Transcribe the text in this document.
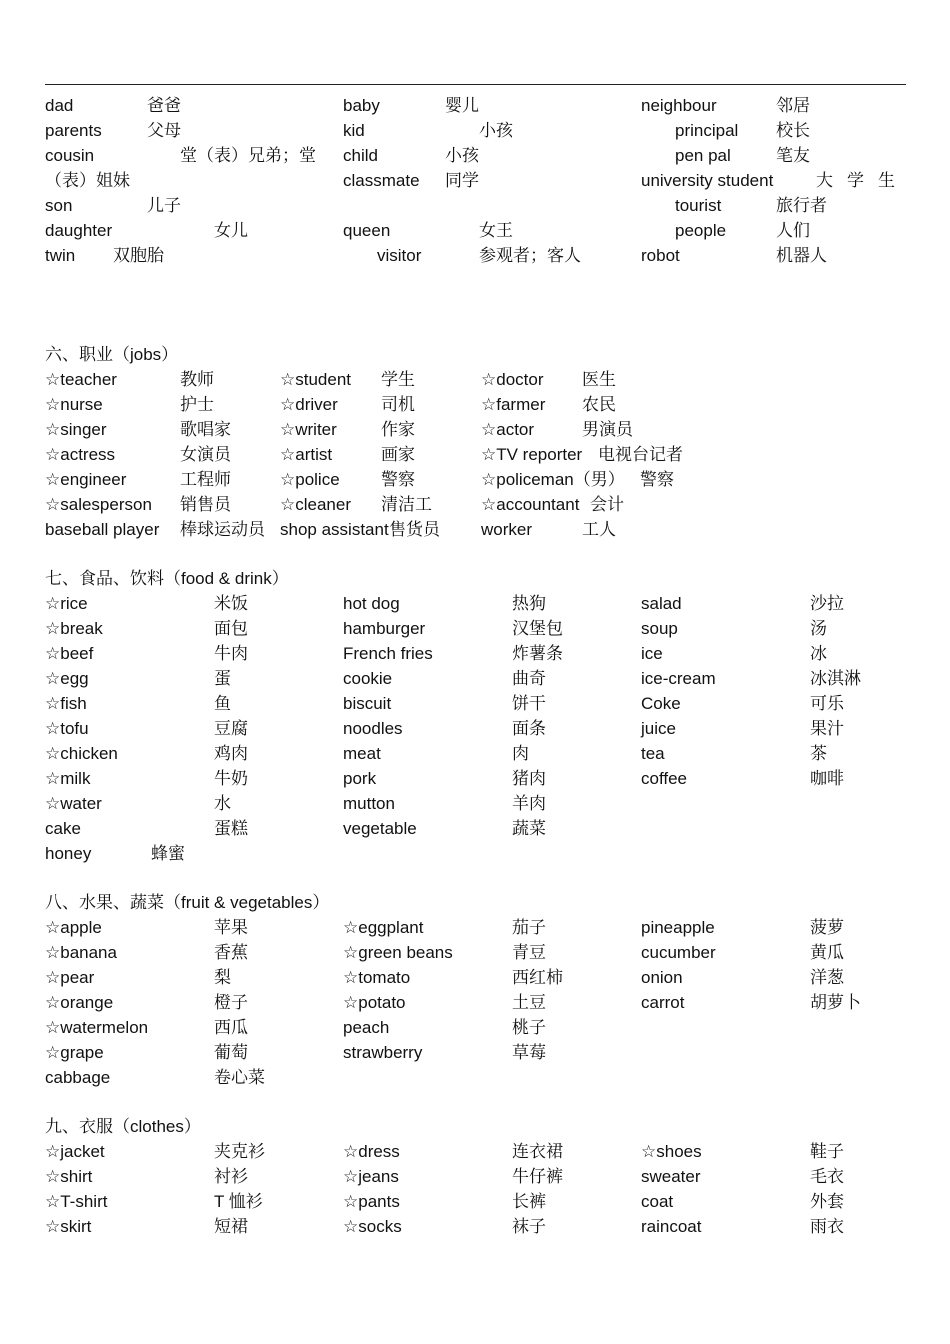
dad	爸爸
parents	父母
cousin	堂（表）兄弟；堂
（表）姐妹
son	儿子
daughter	女儿
twin 双胞胎
baby	婴儿
kid	小孩
child	小孩
classmate 同学
queen	女王
visitor	参观者；客人
neighbour	邻居
principal 校长
pen pal	笔友
university student	大学生
tourist	旅行者
people	人们
robot	机器人
六、职业（jobs）
☆teacher	教师
☆nurse	护士
☆singer	歌唱家
☆actress	女演员
☆engineer	工程师
☆salesperson 销售员
baseball player 棒球运动员
☆student 学生
☆driver	司机
☆writer	作家
☆artist	画家
☆police 警察
☆cleaner 清洁工
shop assistant 售货员
☆doctor 医生
☆farmer 农民
☆actor	男演员
☆TV reporter 电视台记者
☆policeman（男） 警察
☆accountant 会计
worker	工人
七、食品、饮料（food & drink）
☆rice	米饭
☆break	面包
☆beef	牛肉
☆egg	蛋
☆fish	鱼
☆tofu	豆腐
☆chicken	鸡肉
☆milk	牛奶
☆water	水
cake	蛋糕
honey	蜂蜜
hot dog	热狗
hamburger	汉堡包
French fries	炸薯条
cookie	曲奇
biscuit	饼干
noodles	面条
meat	肉
pork	猪肉
mutton	羊肉
vegetable	蔬菜
salad	沙拉
soup	汤
ice	冰
ice-cream	冰淇淋
Coke	可乐
juice	果汁
tea	茶
coffee	咖啡
八、水果、蔬菜（fruit & vegetables）
☆apple	苹果
☆banana	香蕉
☆pear	梨
☆orange	橙子
☆watermelon	西瓜
☆grape	葡萄
cabbage	卷心菜
☆eggplant	茄子
☆green beans	青豆
☆tomato	西红柿
☆potato	土豆
peach	桃子
strawberry	草莓
pineapple	菠萝
cucumber	黄瓜
onion	洋葱
carrot	胡萝卜
九、衣服（clothes）
☆jacket	夹克衫
☆shirt	衬衫
☆T-shirt	T 恤衫
☆skirt	短裙
☆dress	连衣裙
☆jeans	牛仔裤
☆pants	长裤
☆socks	袜子
☆shoes	鞋子
sweater	毛衣
coat	外套
raincoat	雨衣
